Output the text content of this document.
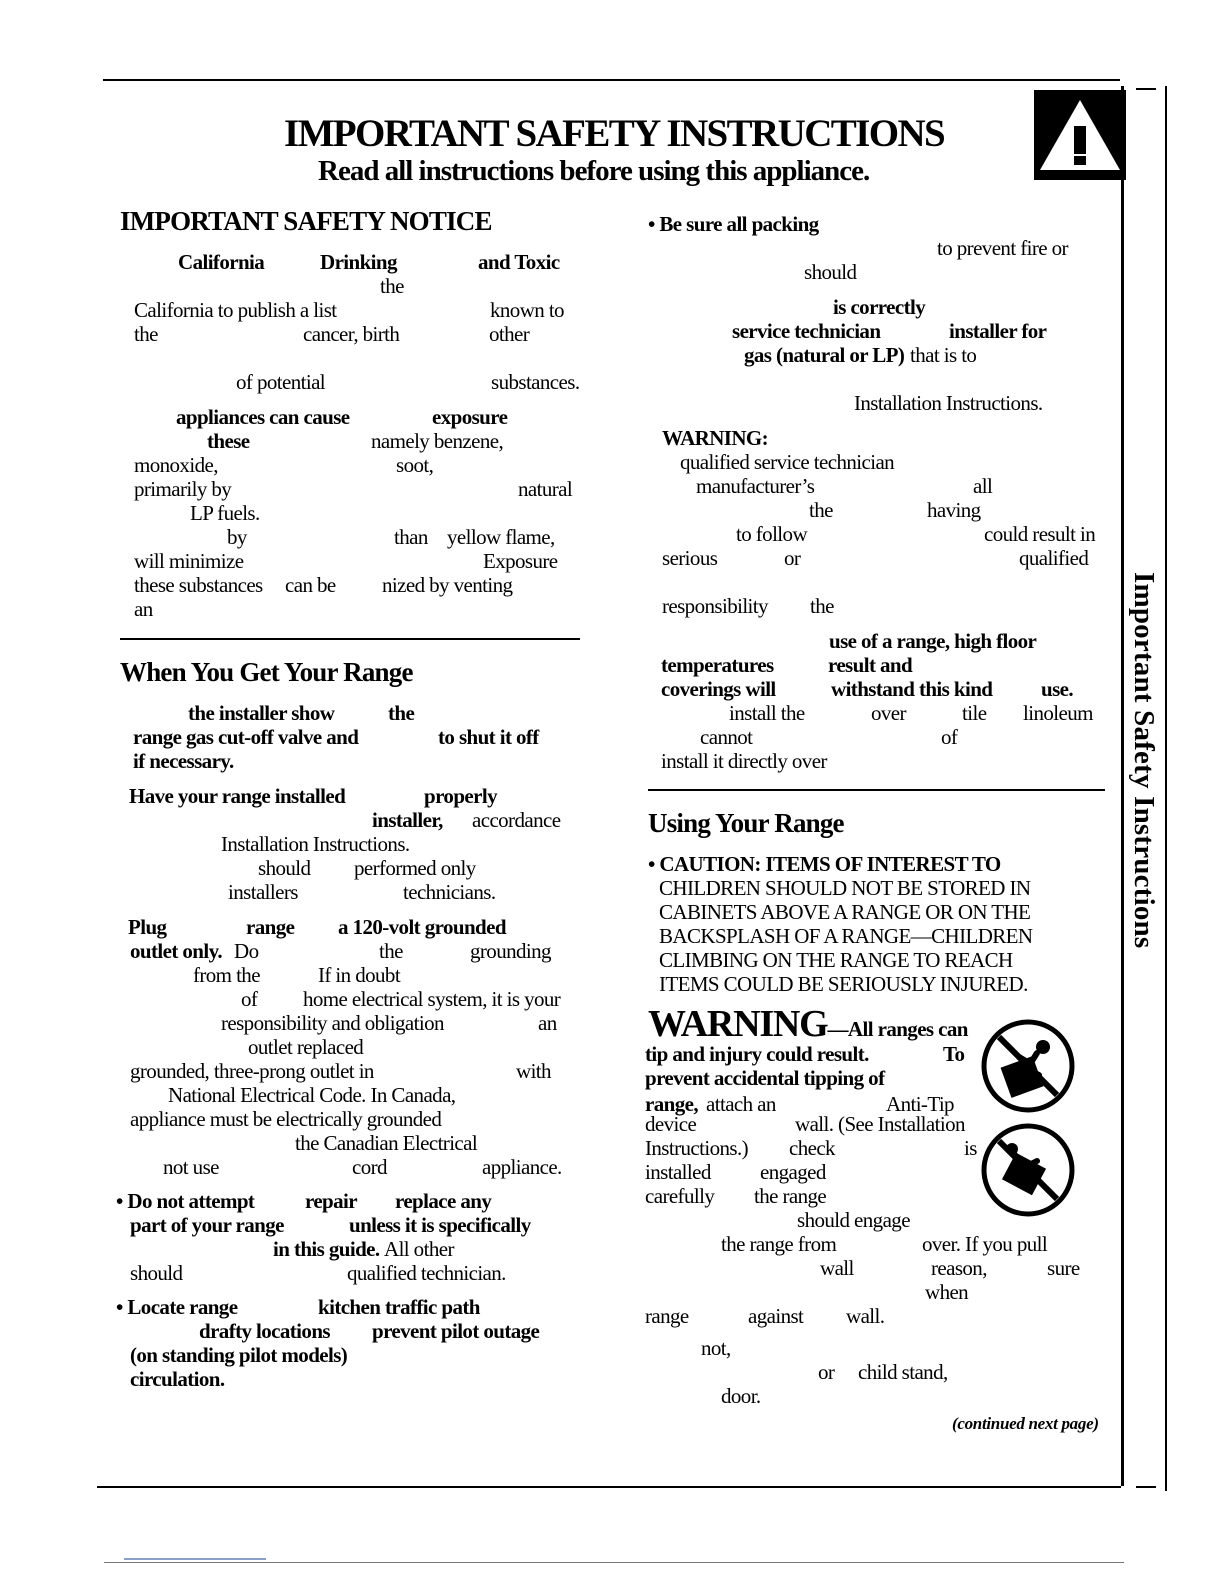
IMPORTANT SAFETY INSTRUCTIONS
Read all instructions before using this appliance.
Important Safety Instructions
IMPORTANT SAFETY NOTICE
California	Drinking	and Toxic
the
California to publish a list	known to
the	cancer, birth	other
of potential	substances.
appliances can cause	exposure
these	namely benzene,
monoxide,	soot,
primarily by	natural
LP fuels.
by	than yellow flame,
will minimize	Exposure
these substances can be nized by venting
an
When You Get Your Range
the installer show	the
range gas cut-off valve and	to shut it off
if necessary.
Have your range installed	properly
installer, accordance
Installation Instructions.
should performed only
installers	technicians.
Plug	range a 120-volt grounded
outlet only. Do	the	grounding
from the	If in doubt
of home electrical system, it is your
responsibility and obligation	an
outlet replaced
grounded, three-prong outlet in	with
National Electrical Code. In Canada,
appliance must be electrically grounded
the Canadian Electrical
not use	cord	appliance.
• Do not attempt repair replace any
part of your range	unless it is specifically
in this guide. All other
should	qualified technician.
• Locate range	kitchen traffic path
drafty locations prevent pilot outage
(on standing pilot models)
circulation.
• Be sure all packing
to prevent fire or
should
is correctly
service technician	installer for
gas (natural or LP) that is to
Installation Instructions.
WARNING:
qualified service technician
manufacturer’s	all
the	having
to follow	could result in
serious	or	qualified
responsibility the
use of a range, high floor
temperatures	result and
coverings will	withstand this kind use.
install the	over	tile linoleum
cannot	of
install it directly over
Using Your Range
• CAUTION: ITEMS OF INTEREST TO
CHILDREN SHOULD NOT BE STORED IN
CABINETS ABOVE A RANGE OR ON THE
BACKSPLASH OF A RANGE—CHILDREN
CLIMBING ON THE RANGE TO REACH
ITEMS COULD BE SERIOUSLY INJURED.
WARNING—All ranges can
tip and injury could result.	To
prevent accidental tipping of
range, attach an	Anti-Tip
device	wall. (See Installation
Instructions.) check	is
installed engaged
carefully the range
should engage
the range from	over. If you pull
wall	reason,	sure
when
range	against wall.
not,
or child stand,
door.
(continued next page)
